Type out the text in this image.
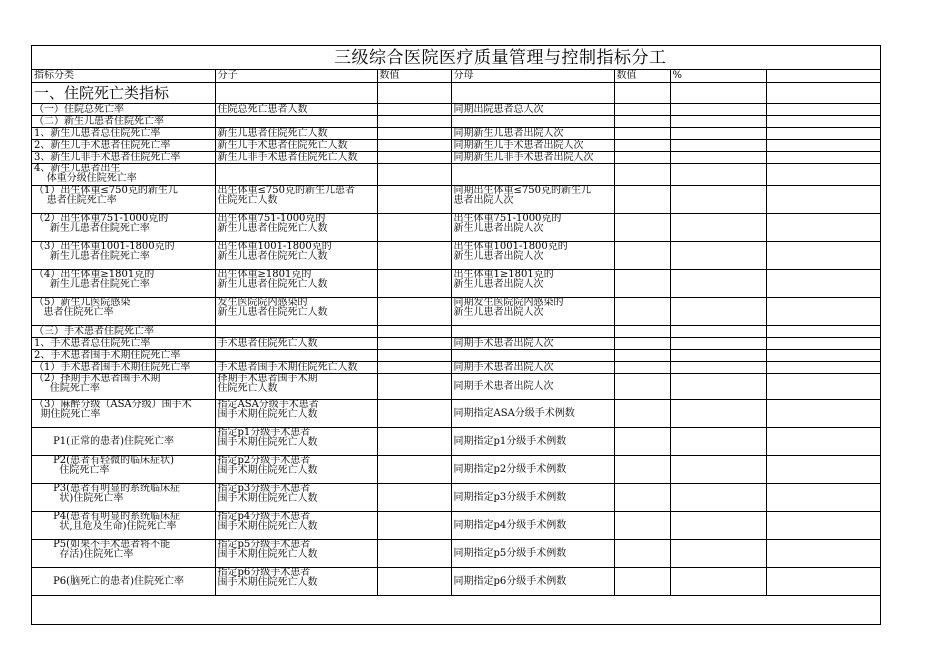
三级综合医院医疗质量管理与控制指标分工
指标分类	分子	数值	分母	数值	%	
一、住院死亡类指标						
（一）住院总死亡率	住院总死亡患者人数		同期出院患者总人次			
（二）新生儿患者住院死亡率						
1、新生儿患者总住院死亡率	新生儿患者住院死亡人数		同期新生儿患者出院人次			
2、新生儿手术患者住院死亡率	新生儿手术患者住院死亡人数		同期新生儿手术患者出院人次			
3、新生儿非手术患者住院死亡率	新生儿非手术患者住院死亡人数		同期新生儿非手术患者出院人次			
4、新生儿患者出生
体重分级住院死亡率						
（1）出生体重≤750克的新生儿
患者住院死亡率	出生体重≤750克的新生儿患者
住院死亡人数		同期出生体重≤750克的新生儿
患者出院人次			
（2）出生体重751-1000克的
新生儿患者住院死亡率	出生体重751-1000克的
新生儿患者住院死亡人数		出生体重751-1000克的
新生儿患者出院人次			
（3）出生体重1001-1800克的
新生儿患者住院死亡率	出生体重1001-1800克的
新生儿患者住院死亡人数		出生体重1001-1800克的
新生儿患者出院人次			
（4）出生体重≥1801克的
新生儿患者住院死亡率	出生体重≥1801克的
新生儿患者住院死亡人数		出生体重1≥1801克的
新生儿患者出院人次			
（5）新生儿医院感染
患者住院死亡率	发生医院院内感染的
新生儿患者住院死亡人数		同期发生医院院内感染的
新生儿患者出院人次			
（三）手术患者住院死亡率						
1、手术患者总住院死亡率	手术患者住院死亡人数		同期手术患者出院人次			
2、手术患者围手术期住院死亡率						
（1）手术患者围手术期住院死亡率	手术患者围手术期住院死亡人数		同期手术患者出院人次			
（2）择期手术患者围手术期
住院死亡率	择期手术患者围手术期
住院死亡人数		同期手术患者出院人次			
（3）麻醉分级（ASA分级）围手术
期住院死亡率	指定ASA分级手术患者
围手术期住院死亡人数		同期指定ASA分级手术例数			
P1(正常的患者)住院死亡率	指定p1分级手术患者
围手术期住院死亡人数		同期指定p1分级手术例数			
P2(患者有轻微的临床症状)
住院死亡率	指定p2分级手术患者
围手术期住院死亡人数		同期指定p2分级手术例数			
P3(患者有明显的系统临床症
状)住院死亡率	指定p3分级手术患者
围手术期住院死亡人数		同期指定p3分级手术例数			
P4(患者有明显的系统临床症
状,且危及生命)住院死亡率	指定p4分级手术患者
围手术期住院死亡人数		同期指定p4分级手术例数			
P5(如果不手术患者将不能
存活)住院死亡率	指定p5分级手术患者
围手术期住院死亡人数		同期指定p5分级手术例数			
P6(脑死亡的患者)住院死亡率	指定p6分级手术患者
围手术期住院死亡人数		同期指定p6分级手术例数			
